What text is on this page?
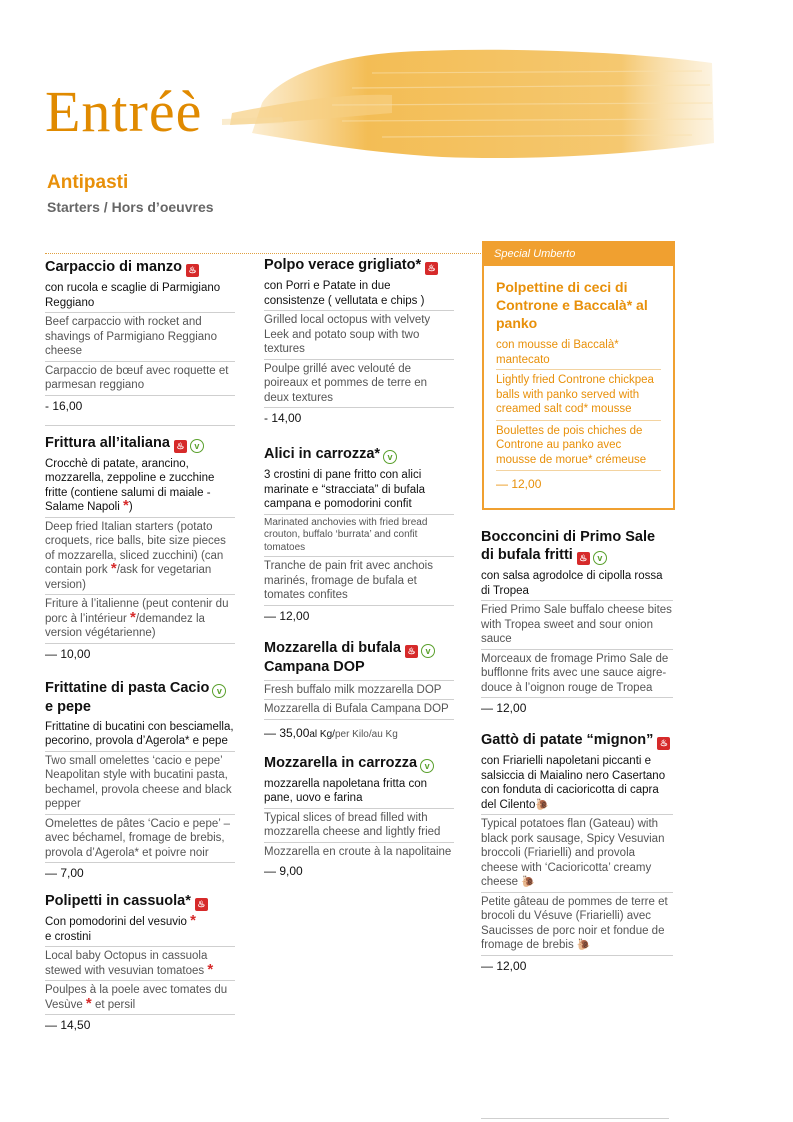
Entréè
Antipasti
Starters / Hors d’oeuvres
Carpaccio di manzo ♨
con rucola e scaglie di Parmigiano Reggiano
Beef carpaccio with rocket and shavings of Parmigiano Reggiano cheese
Carpaccio de bœuf avec roquette et parmesan reggiano
- 16,00
Frittura all’italiana ♨ v
Crocchè di patate, arancino, mozzarella, zeppoline e zucchine fritte (contiene salumi di maiale - Salame Napoli *)
Deep fried Italian starters (potato croquets, rice balls, bite size pieces of mozzarella, sliced zucchini) (can contain pork */ask for vegetarian version)
Friture à l’italienne (peut contenir du porc à l’intérieur */demandez la version végétarienne)
— 10,00
Frittatine di pasta Cacio v
e pepe
Frittatine di bucatini con besciamella, pecorino, provola d’Agerola* e pepe
Two small omelettes ‘cacio e pepe’ Neapolitan style with bucatini pasta, bechamel, provola cheese and black pepper
Omelettes de pâtes ‘Cacio e pepe’ – avec béchamel, fromage de brebis, provola d’Agerola* et poivre noir
— 7,00
Polipetti in cassuola* ♨
Con pomodorini del vesuvio *
e crostini
Local baby Octopus in cassuola stewed with vesuvian tomatoes *
Poulpes à la poele avec tomates du Vesùve * et persil
— 14,50
Polpo verace grigliato* ♨
con Porri e Patate in due consistenze ( vellutata e chips )
Grilled local octopus with velvety Leek and potato soup with two textures
Poulpe grillé avec velouté de poireaux et pommes de terre en deux textures
- 14,00
Alici in carrozza* v
3 crostini di pane fritto con alici marinate e “stracciata” di bufala campana e pomodorini confit
Marinated anchovies with fried bread crouton, buffalo ‘burrata’ and confit tomatoes
Tranche de pain frit avec anchois marinés, fromage de bufala et tomates confites
— 12,00
Mozzarella di bufala ♨ v
Campana DOP
Fresh buffalo milk mozzarella DOP
Mozzarella di Bufala Campana DOP
— 35,00al Kg/per Kilo/au Kg
Mozzarella in carrozza v
mozzarella napoletana fritta con pane, uovo e farina
Typical slices of bread filled with mozzarella cheese and lightly fried
Mozzarella en croute à la napolitaine
— 9,00
Special Umberto
Polpettine di ceci di Controne e Baccalà* al panko
con mousse di Baccalà* mantecato
Lightly fried Controne chickpea balls with panko served with creamed salt cod* mousse
Boulettes de pois chiches de Controne au panko avec mousse de morue* crémeuse
— 12,00
Bocconcini di Primo Sale
di bufala fritti ♨ v
con salsa agrodolce di cipolla rossa di Tropea
Fried Primo Sale buffalo cheese bites with Tropea sweet and sour onion sauce
Morceaux de fromage Primo Sale de bufflonne frits avec une sauce aigre-douce à l’oignon rouge de Tropea
— 12,00
Gattò di patate “mignon” ♨
con Friarielli napoletani piccanti e salsiccia di Maialino nero Casertano con fonduta di cacioricotta di capra del Cilento🐌
Typical potatoes flan (Gateau) with black pork sausage, Spicy Vesuvian broccoli (Friarielli) and provola cheese with ‘Cacioricotta’ creamy cheese 🐌
Petite gâteau de pommes de terre et brocoli du Vésuve (Friarielli) avec Saucisses de porc noir et fondue de fromage de brebis 🐌
— 12,00
